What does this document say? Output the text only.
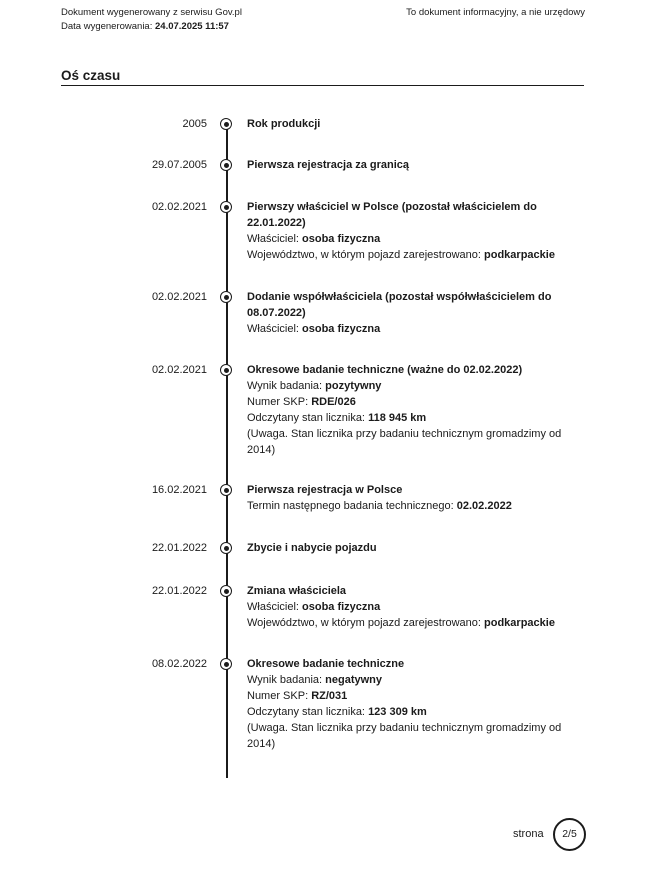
Dokument wygenerowany z serwisu Gov.pl
Data wygenerowania: 24.07.2025 11:57
To dokument informacyjny, a nie urzędowy
Oś czasu
2005	Rok produkcji
29.07.2005	Pierwsza rejestracja za granicą
02.02.2021	Pierwszy właściciel w Polsce (pozostał właścicielem do 22.01.2022)
Właściciel: osoba fizyczna
Województwo, w którym pojazd zarejestrowano: podkarpackie
02.02.2021	Dodanie współwłaściciela (pozostał współwłaścicielem do 08.07.2022)
Właściciel: osoba fizyczna
02.02.2021	Okresowe badanie techniczne (ważne do 02.02.2022)
Wynik badania: pozytywny
Numer SKP: RDE/026
Odczytany stan licznika: 118 945 km
(Uwaga. Stan licznika przy badaniu technicznym gromadzimy od 2014)
16.02.2021	Pierwsza rejestracja w Polsce
Termin następnego badania technicznego: 02.02.2022
22.01.2022	Zbycie i nabycie pojazdu
22.01.2022	Zmiana właściciela
Właściciel: osoba fizyczna
Województwo, w którym pojazd zarejestrowano: podkarpackie
08.02.2022	Okresowe badanie techniczne
Wynik badania: negatywny
Numer SKP: RZ/031
Odczytany stan licznika: 123 309 km
(Uwaga. Stan licznika przy badaniu technicznym gromadzimy od 2014)
strona	2/5
